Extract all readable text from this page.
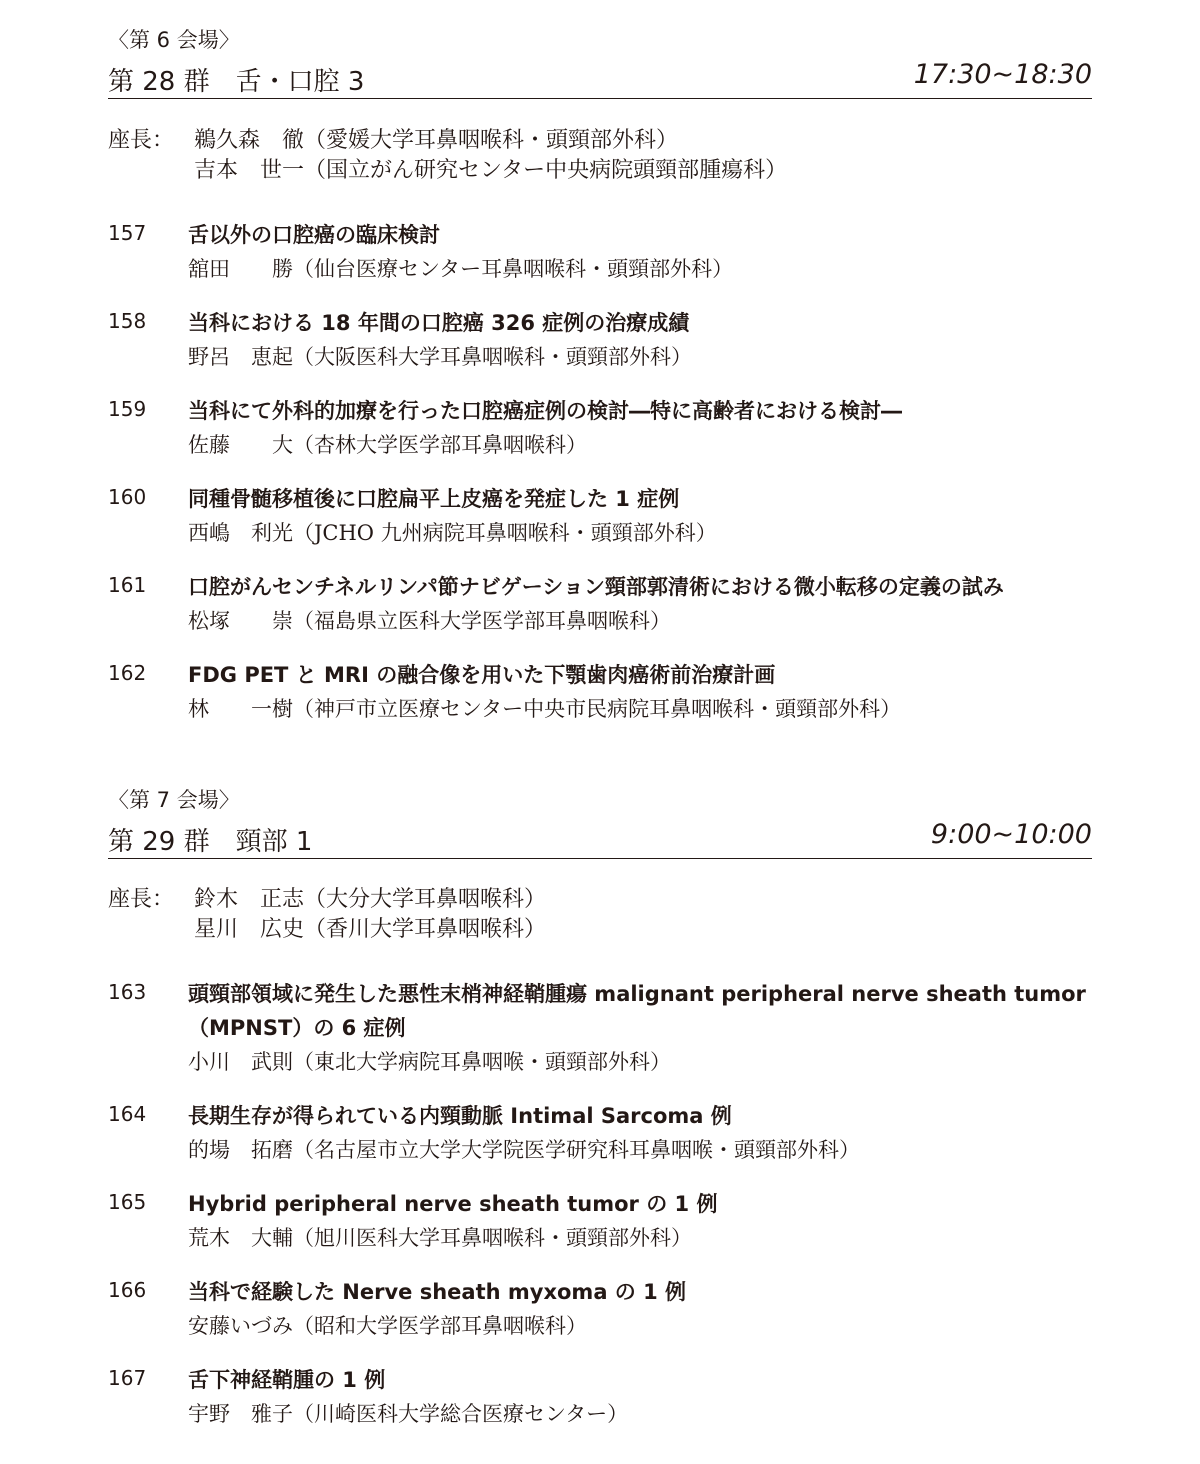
〈第 6 会場〉
第 28 群　舌・口腔 3	17:30~18:30
座長： 鵜久森　徹（愛媛大学耳鼻咽喉科・頭頸部外科）
吉本　世一（国立がん研究センター中央病院頭頸部腫瘍科）
157 舌以外の口腔癌の臨床検討
舘田　　勝（仙台医療センター耳鼻咽喉科・頭頸部外科）
158 当科における 18 年間の口腔癌 326 症例の治療成績
野呂　恵起（大阪医科大学耳鼻咽喉科・頭頸部外科）
159 当科にて外科的加療を行った口腔癌症例の検討―特に高齢者における検討―
佐藤　　大（杏林大学医学部耳鼻咽喉科）
160 同種骨髄移植後に口腔扁平上皮癌を発症した 1 症例
西嶋　利光（JCHO 九州病院耳鼻咽喉科・頭頸部外科）
161 口腔がんセンチネルリンパ節ナビゲーション頸部郭清術における微小転移の定義の試み
松塚　　崇（福島県立医科大学医学部耳鼻咽喉科）
162 FDG PET と MRI の融合像を用いた下顎歯肉癌術前治療計画
林　　一樹（神戸市立医療センター中央市民病院耳鼻咽喉科・頭頸部外科）
〈第 7 会場〉
第 29 群　頸部 1	9:00~10:00
座長： 鈴木　正志（大分大学耳鼻咽喉科）
星川　広史（香川大学耳鼻咽喉科）
163 頭頸部領域に発生した悪性末梢神経鞘腫瘍 malignant peripheral nerve sheath tumor
（MPNST）の 6 症例
小川　武則（東北大学病院耳鼻咽喉・頭頸部外科）
164 長期生存が得られている内頸動脈 Intimal Sarcoma 例
的場　拓磨（名古屋市立大学大学院医学研究科耳鼻咽喉・頭頸部外科）
165 Hybrid peripheral nerve sheath tumor の 1 例
荒木　大輔（旭川医科大学耳鼻咽喉科・頭頸部外科）
166 当科で経験した Nerve sheath myxoma の 1 例
安藤いづみ（昭和大学医学部耳鼻咽喉科）
167 舌下神経鞘腫の 1 例
宇野　雅子（川崎医科大学総合医療センター）
